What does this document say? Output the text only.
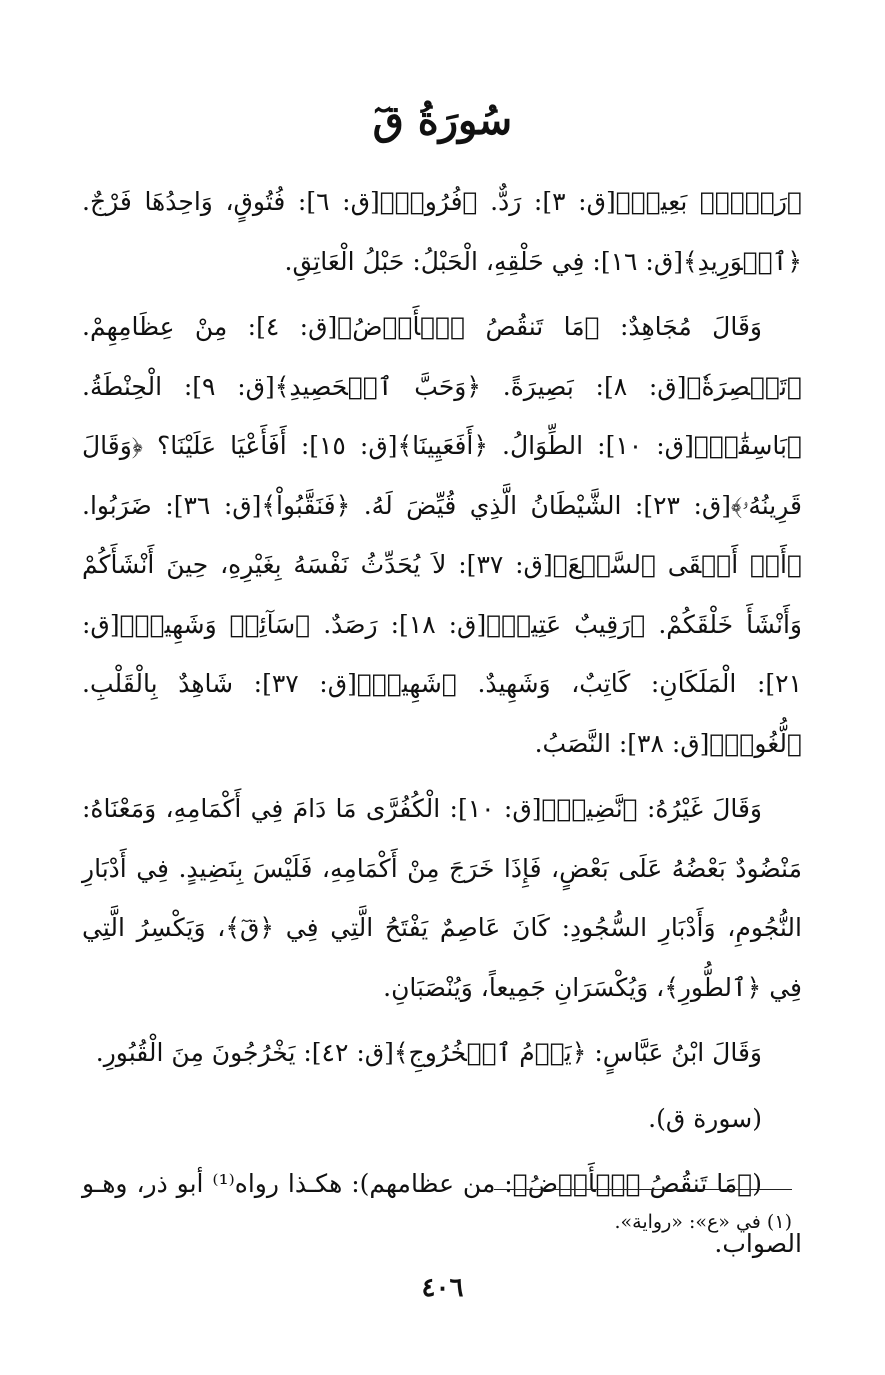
سُورَةُ قٓ

﴿رَجۡعُۢ بَعِيدٞ﴾[ق: ٣]: رَدٌّ. ﴿فُرُوجٖ﴾[ق: ٦]: فُتُوقٍ، وَاحِدُهَا فَرْجٌ. ﴿ٱلۡوَرِيدِ﴾[ق: ١٦]: فِي حَلْقِهِ، الْحَبْلُ: حَبْلُ الْعَاتِقِ.

وَقَالَ مُجَاهِدٌ: ﴿مَا تَنقُصُ ٱلۡأَرۡضُ﴾[ق: ٤]: مِنْ عِظَامِهِمْ. ﴿تَبۡصِرَةٗ﴾[ق: ٨]: بَصِيرَةً. ﴿وَحَبَّ ٱلۡحَصِيدِ﴾[ق: ٩]: الْحِنْطَةُ. ﴿بَاسِقَٰتٖ﴾[ق: ١٠]: الطِّوَالُ. ﴿أَفَعَيِينَا﴾[ق: ١٥]: أَفَأَعْيَا عَلَيْنَا؟ ﴿وَقَالَ قَرِينُهُۥ﴾[ق: ٢٣]: الشَّيْطَانُ الَّذِي قُيِّضَ لَهُ. ﴿فَنَقَّبُواْ﴾[ق: ٣٦]: ضَرَبُوا. ﴿أَوۡ أَلۡقَى ٱلسَّمۡعَ﴾[ق: ٣٧]: لاَ يُحَدِّثُ نَفْسَهُ بِغَيْرِهِ، حِينَ أَنْشَأَكُمْ وَأَنْشَأَ خَلْقَكُمْ. ﴿رَقِيبٌ عَتِيدٞ﴾[ق: ١٨]: رَصَدٌ. ﴿سَآئِقٞ وَشَهِيدٞ﴾[ق: ٢١]: الْمَلَكَانِ: كَاتِبٌ، وَشَهِيدٌ. ﴿شَهِيدٞ﴾[ق: ٣٧]: شَاهِدٌ بِالْقَلْبِ. ﴿لُّغُوبٖ﴾[ق: ٣٨]: النَّصَبُ.

وَقَالَ غَيْرُهُ: ﴿نَّضِيدٞ﴾[ق: ١٠]: الْكُفُرَّى مَا دَامَ فِي أَكْمَامِهِ، وَمَعْنَاهُ: مَنْضُودٌ بَعْضُهُ عَلَى بَعْضٍ، فَإِذَا خَرَجَ مِنْ أَكْمَامِهِ، فَلَيْسَ بِنَضِيدٍ. فِي أَدْبَارِ النُّجُومِ، وَأَدْبَارِ السُّجُودِ: كَانَ عَاصِمٌ يَفْتَحُ الَّتِي فِي ﴿قٓ﴾، وَيَكْسِرُ الَّتِي فِي ﴿ٱلطُّورِ﴾، وَيُكْسَرَانِ جَمِيعاً، وَيُنْصَبَانِ.

وَقَالَ ابْنُ عَبَّاسٍ: ﴿يَوۡمُ ٱلۡخُرُوجِ﴾[ق: ٤٢]: يَخْرُجُونَ مِنَ الْقُبُورِ.

(سورة ق).

(﴿مَا تَنقُصُ ٱلۡأَرۡضُ﴾: من عظامهم): هكـذا رواه⁽¹⁾ أبو ذر، وهـو الصواب.

(١) في «ع»: «رواية».
٤٠٦
